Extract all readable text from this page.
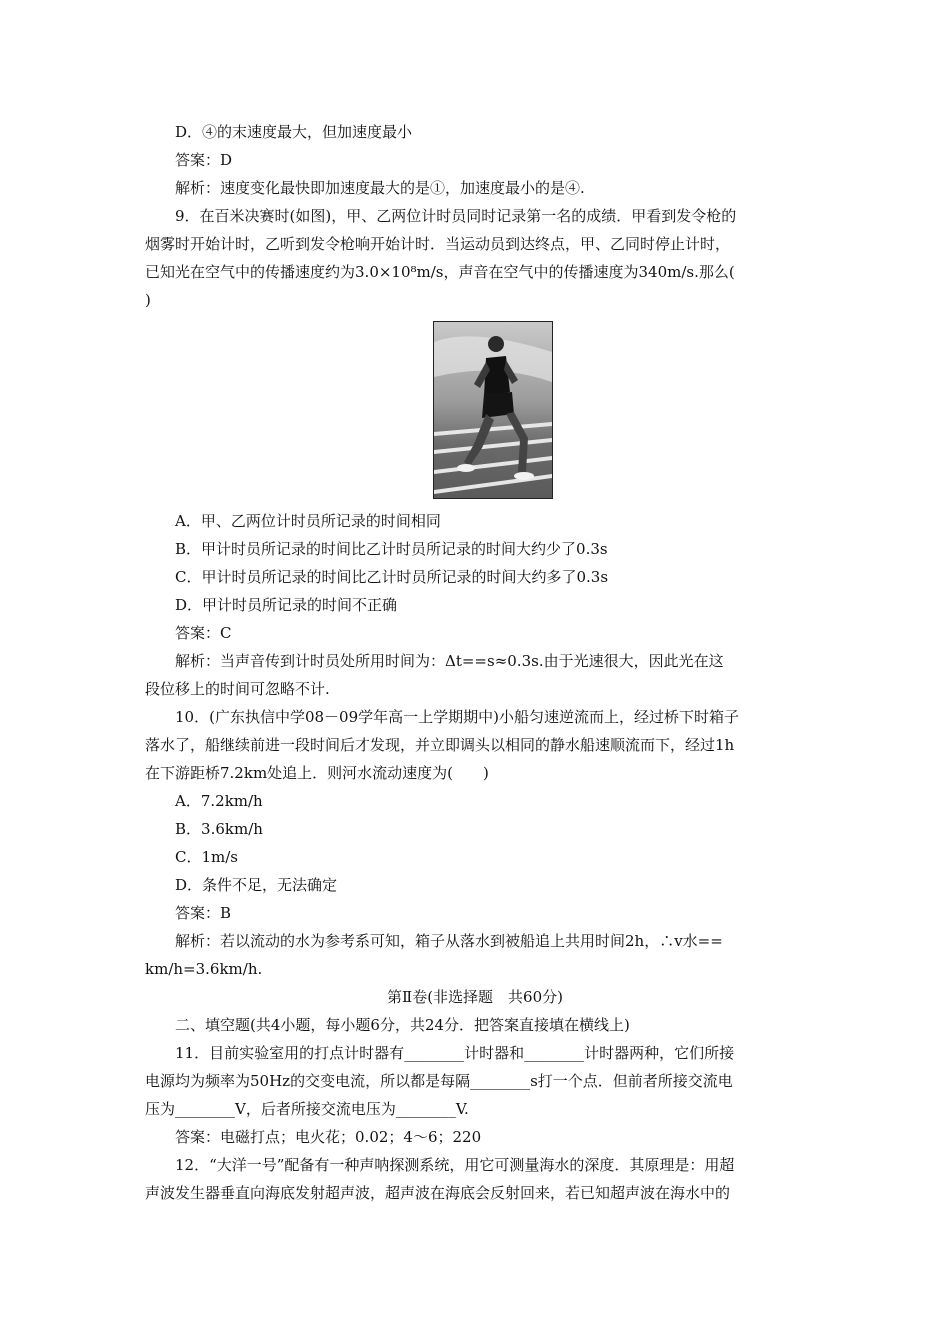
D．④的末速度最大，但加速度最小
答案：D
解析：速度变化最快即加速度最大的是①，加速度最小的是④.
9．在百米决赛时(如图)，甲、乙两位计时员同时记录第一名的成绩．甲看到发令枪的
烟雾时开始计时，乙听到发令枪响开始计时．当运动员到达终点，甲、乙同时停止计时，
已知光在空气中的传播速度约为3.0×10⁸m/s，声音在空气中的传播速度为340m/s.那么(
)
A．甲、乙两位计时员所记录的时间相同
B．甲计时员所记录的时间比乙计时员所记录的时间大约少了0.3s
C．甲计时员所记录的时间比乙计时员所记录的时间大约多了0.3s
D．甲计时员所记录的时间不正确
答案：C
解析：当声音传到计时员处所用时间为：Δt==s≈0.3s.由于光速很大，因此光在这
段位移上的时间可忽略不计.
10．(广东执信中学08－09学年高一上学期期中)小船匀速逆流而上，经过桥下时箱子
落水了，船继续前进一段时间后才发现，并立即调头以相同的静水船速顺流而下，经过1h
在下游距桥7.2km处追上．则河水流动速度为(　　)
A．7.2km/h
B．3.6km/h
C．1m/s
D．条件不足，无法确定
答案：B
解析：若以流动的水为参考系可知，箱子从落水到被船追上共用时间2h，∴v水==
km/h=3.6km/h.
第Ⅱ卷(非选择题　共60分)
二、填空题(共4小题，每小题6分，共24分．把答案直接填在横线上)
11．目前实验室用的打点计时器有________计时器和________计时器两种，它们所接
电源均为频率为50Hz的交变电流，所以都是每隔________s打一个点．但前者所接交流电
压为________V，后者所接交流电压为________V.
答案：电磁打点；电火花；0.02；4～6；220
12．“大洋一号”配备有一种声呐探测系统，用它可测量海水的深度．其原理是：用超
声波发生器垂直向海底发射超声波，超声波在海底会反射回来，若已知超声波在海水中的
